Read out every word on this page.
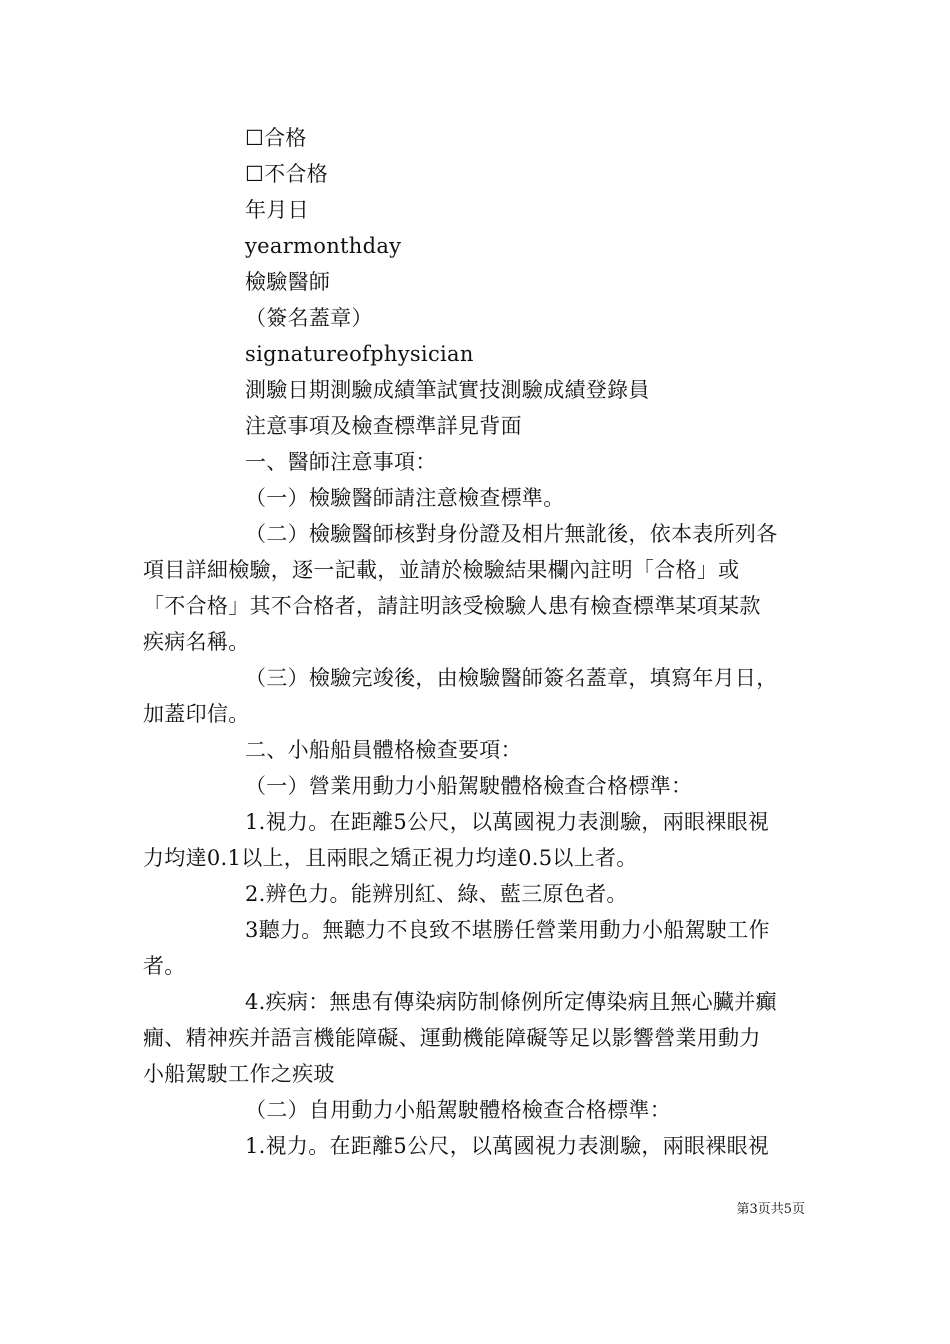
☐合格
☐不合格
年月日
yearmonthday
檢驗醫師
（簽名蓋章）
signatureofphysician
測驗日期測驗成績筆試實技測驗成績登錄員
注意事項及檢查標準詳見背面
一、醫師注意事項：
（一）檢驗醫師請注意檢查標準。
（二）檢驗醫師核對身份證及相片無訛後，依本表所列各
項目詳細檢驗，逐一記載，並請於檢驗結果欄內註明「合格」或
「不合格」其不合格者，請註明該受檢驗人患有檢查標準某項某款
疾病名稱。
（三）檢驗完竣後，由檢驗醫師簽名蓋章，填寫年月日，
加蓋印信。
二、小船船員體格檢查要項：
（一）營業用動力小船駕駛體格檢查合格標準：
1.視力。在距離5公尺，以萬國視力表測驗，兩眼裸眼視
力均達0.1以上，且兩眼之矯正視力均達0.5以上者。
2.辨色力。能辨別紅、綠、藍三原色者。
3聽力。無聽力不良致不堪勝任營業用動力小船駕駛工作
者。
4.疾病：無患有傳染病防制條例所定傳染病且無心臟并癲
癇、精神疾并語言機能障礙、運動機能障礙等足以影響營業用動力
小船駕駛工作之疾玻
（二）自用動力小船駕駛體格檢查合格標準：
1.視力。在距離5公尺，以萬國視力表測驗，兩眼裸眼視
第3页共5页
